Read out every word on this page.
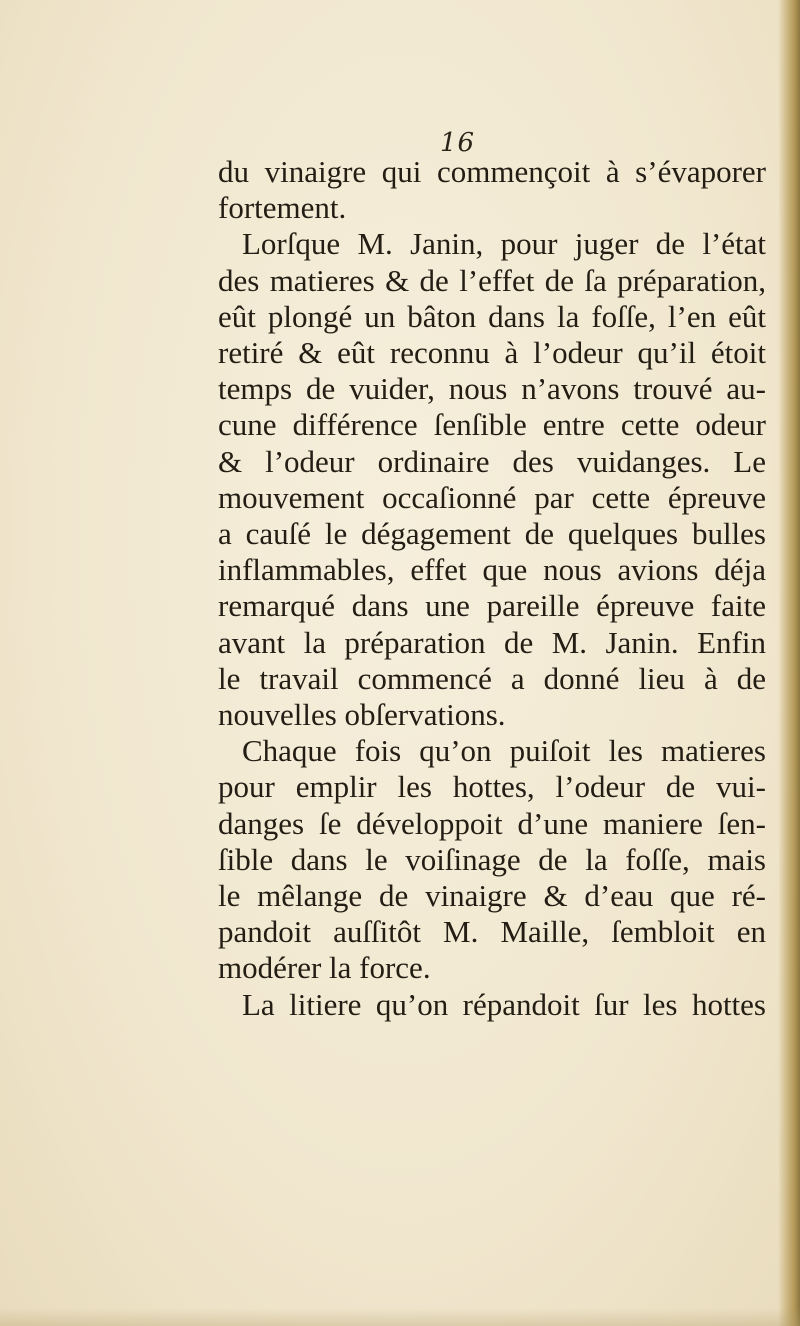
16
du vinaigre qui commençoit à s’évaporer
fortement.
Lorſque M. Janin, pour juger de l’état
des matieres & de l’effet de ſa préparation,
eût plongé un bâton dans la foſſe, l’en eût
retiré & eût reconnu à l’odeur qu’il étoit
temps de vuider, nous n’avons trouvé au-
cune différence ſenſible entre cette odeur
& l’odeur ordinaire des vuidanges. Le
mouvement occaſionné par cette épreuve
a cauſé le dégagement de quelques bulles
inflammables, effet que nous avions déja
remarqué dans une pareille épreuve faite
avant la préparation de M. Janin. Enfin
le travail commencé a donné lieu à de
nouvelles obſervations.
Chaque fois qu’on puiſoit les matieres
pour emplir les hottes, l’odeur de vui-
danges ſe développoit d’une maniere ſen-
ſible dans le voiſinage de la foſſe, mais
le mêlange de vinaigre & d’eau que ré-
pandoit auſſitôt M. Maille, ſembloit en
modérer la force.
La litiere qu’on répandoit ſur les hottes
